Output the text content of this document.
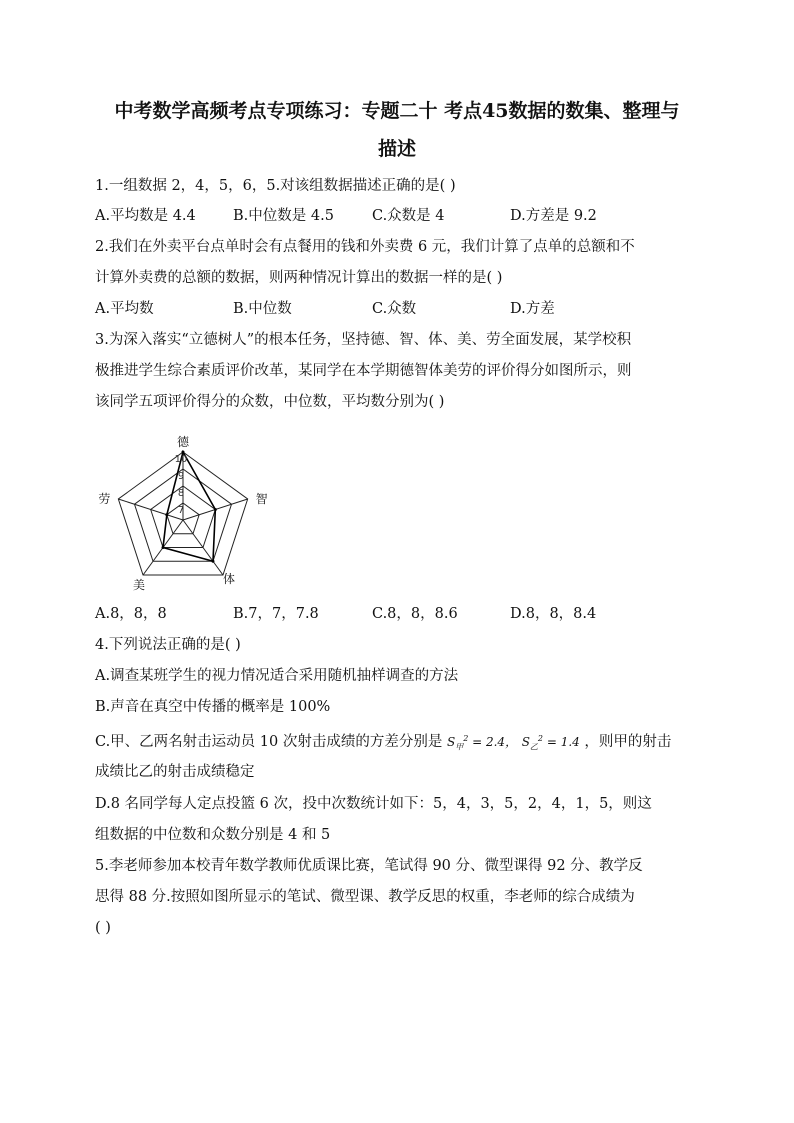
中考数学高频考点专项练习：专题二十 考点45数据的数集、整理与
描述
1.一组数据 2，4，5，6，5.对该组数据描述正确的是( )
A.平均数是 4.4	B.中位数是 4.5	C.众数是 4	D.方差是 9.2
2.我们在外卖平台点单时会有点餐用的钱和外卖费 6 元，我们计算了点单的总额和不
计算外卖费的总额的数据，则两种情况计算出的数据一样的是( )
A.平均数	B.中位数	C.众数	D.方差
3.为深入落实“立德树人”的根本任务，坚持德、智、体、美、劳全面发展，某学校积
极推进学生综合素质评价改革，某同学在本学期德智体美劳的评价得分如图所示，则
该同学五项评价得分的众数，中位数，平均数分别为( )
10
9
8
7
德
智
体
美
劳
A.8，8，8	B.7，7，7.8	C.8，8，8.6	D.8，8，8.4
4.下列说法正确的是( )
A.调查某班学生的视力情况适合采用随机抽样调查的方法
B.声音在真空中传播的概率是 100%
C.甲、乙两名射击运动员 10 次射击成绩的方差分别是 $S_甲^2 = 2.4$， $S_乙^2 = 1.4$ ，则甲的射击
成绩比乙的射击成绩稳定
D.8 名同学每人定点投篮 6 次，投中次数统计如下：5，4，3，5，2，4，1，5，则这
组数据的中位数和众数分别是 4 和 5
5.李老师参加本校青年数学教师优质课比赛，笔试得 90 分、微型课得 92 分、教学反
思得 88 分.按照如图所显示的笔试、微型课、教学反思的权重，李老师的综合成绩为
( )
